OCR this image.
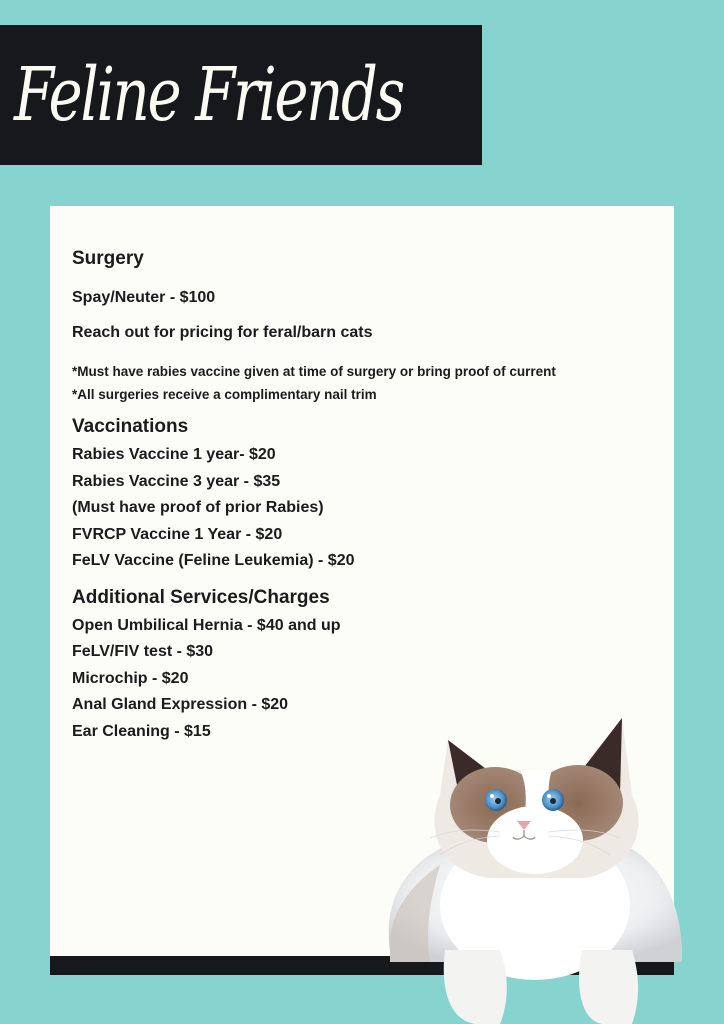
Feline Friends
Surgery

Spay/Neuter - $100

Reach out for pricing for feral/barn cats

*Must have rabies vaccine given at time of surgery or bring proof of current

*All surgeries receive a complimentary nail trim

Vaccinations

Rabies Vaccine 1 year- $20

Rabies Vaccine 3 year - $35

(Must have proof of prior Rabies)

FVRCP Vaccine 1 Year - $20

FeLV Vaccine (Feline Leukemia) - $20

Additional Services/Charges

Open Umbilical Hernia - $40 and up

FeLV/FIV test - $30

Microchip - $20

Anal Gland Expression - $20

Ear Cleaning - $15
